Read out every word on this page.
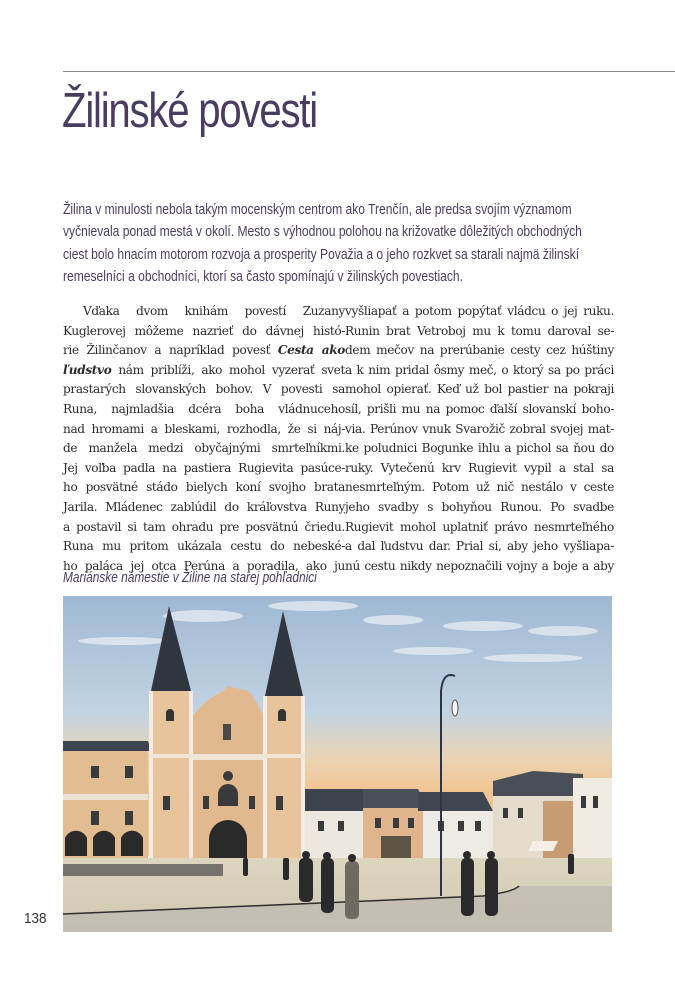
Žilinské povesti

Žilina v minulosti nebola takým mocenským centrom ako Trenčín, ale predsa svojím významom
vyčnievala ponad mestá v okolí. Mesto s výhodnou polohou na križovatke dôležitých obchodných
ciest bolo hnacím motorom rozvoja a prosperity Považia a o jeho rozkvet sa starali najmä žilinskí
remeselníci a obchodníci, ktorí sa často spomínajú v žilinských povestiach.

Vďaka dvom knihám povestí Zuzany
Kuglerovej môžeme nazrieť do dávnej histó-
rie Žilinčanov a napríklad povesť Cesta ako
ľudstvo nám priblíži, ako mohol vyzerať svet
prastarých slovanských bohov. V povesti sa
Runa, najmladšia dcéra boha vládnuceho
nad hromami a bleskami, rozhodla, že si náj-
de manžela medzi obyčajnými smrteľníkmi.
Jej voľba padla na pastiera Rugievita pasúce-
ho posvätné stádo bielych koní svojho brata
Jarila. Mládenec zablúdil do kráľovstva Runy
a postavil si tam ohradu pre posvätnú čriedu.
Runa mu pritom ukázala cestu do nebeské-
ho paláca jej otca Perúna a poradila, ako ju
vyšliapať a potom popýtať vládcu o jej ruku.
Runin brat Vetroboj mu k tomu daroval se-
dem mečov na prerúbanie cesty cez húštiny
a k nim pridal ôsmy meč, o ktorý sa po práci
mohol opierať. Keď už bol pastier na pokraji
síl, prišli mu na pomoc ďalší slovanskí boho-
via. Perúnov vnuk Svarožič zobral svojej mat-
ke poludnici Bogunke ihlu a pichol sa ňou do
ruky. Vytečenú krv Rugievit vypil a stal sa
nesmrteľným. Potom už nič nestálo v ceste
jeho svadby s bohyňou Runou. Po svadbe
Rugievit mohol uplatniť právo nesmrteľného
a dal ľudstvu dar. Prial si, aby jeho vyšliapa-
nú cestu nikdy nepoznačili vojny a boje a aby

Mariánske námestie v Žiline na starej pohľadnici

138
